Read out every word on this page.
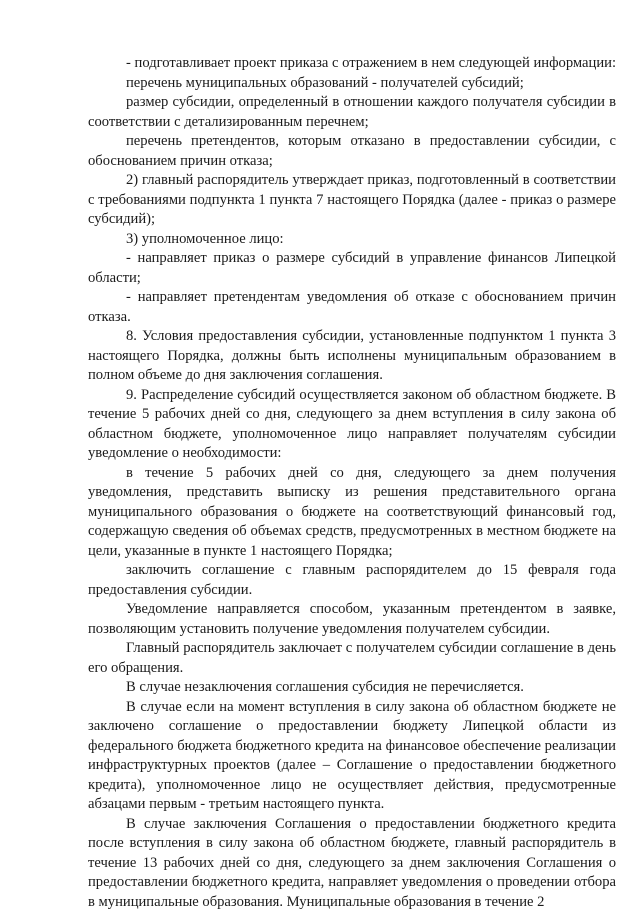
- подготавливает проект приказа с отражением в нем следующей информации:

перечень муниципальных образований - получателей субсидий;

размер субсидии, определенный в отношении каждого получателя субсидии в соответствии с детализированным перечнем;

перечень претендентов, которым отказано в предоставлении субсидии, с обоснованием причин отказа;

2) главный распорядитель утверждает приказ, подготовленный в соответствии с требованиями подпункта 1 пункта 7 настоящего Порядка (далее - приказ о размере субсидий);

3) уполномоченное лицо:

- направляет приказ о размере субсидий в управление финансов Липецкой области;

- направляет претендентам уведомления об отказе с обоснованием причин отказа.

8. Условия предоставления субсидии, установленные подпунктом 1 пункта 3 настоящего Порядка, должны быть исполнены муниципальным образованием в полном объеме до дня заключения соглашения.

9. Распределение субсидий осуществляется законом об областном бюджете. В течение 5 рабочих дней со дня, следующего за днем вступления в силу закона об областном бюджете, уполномоченное лицо направляет получателям субсидии уведомление о необходимости:

в течение 5 рабочих дней со дня, следующего за днем получения уведомления, представить выписку из решения представительного органа муниципального образования о бюджете на соответствующий финансовый год, содержащую сведения об объемах средств, предусмотренных в местном бюджете на цели, указанные в пункте 1 настоящего Порядка;

заключить соглашение с главным распорядителем до 15 февраля года предоставления субсидии.

Уведомление направляется способом, указанным претендентом в заявке, позволяющим установить получение уведомления получателем субсидии.

Главный распорядитель заключает с получателем субсидии соглашение в день его обращения.

В случае незаключения соглашения субсидия не перечисляется.

В случае если на момент вступления в силу закона об областном бюджете не заключено соглашение о предоставлении бюджету Липецкой области из федерального бюджета бюджетного кредита на финансовое обеспечение реализации инфраструктурных проектов (далее – Соглашение о предоставлении бюджетного кредита), уполномоченное лицо не осуществляет действия, предусмотренные абзацами первым - третьим настоящего пункта.

В случае заключения Соглашения о предоставлении бюджетного кредита после вступления в силу закона об областном бюджете, главный распорядитель в течение 13 рабочих дней со дня, следующего за днем заключения Соглашения о предоставлении бюджетного кредита, направляет уведомления о проведении отбора в муниципальные образования. Муниципальные образования в течение 2
